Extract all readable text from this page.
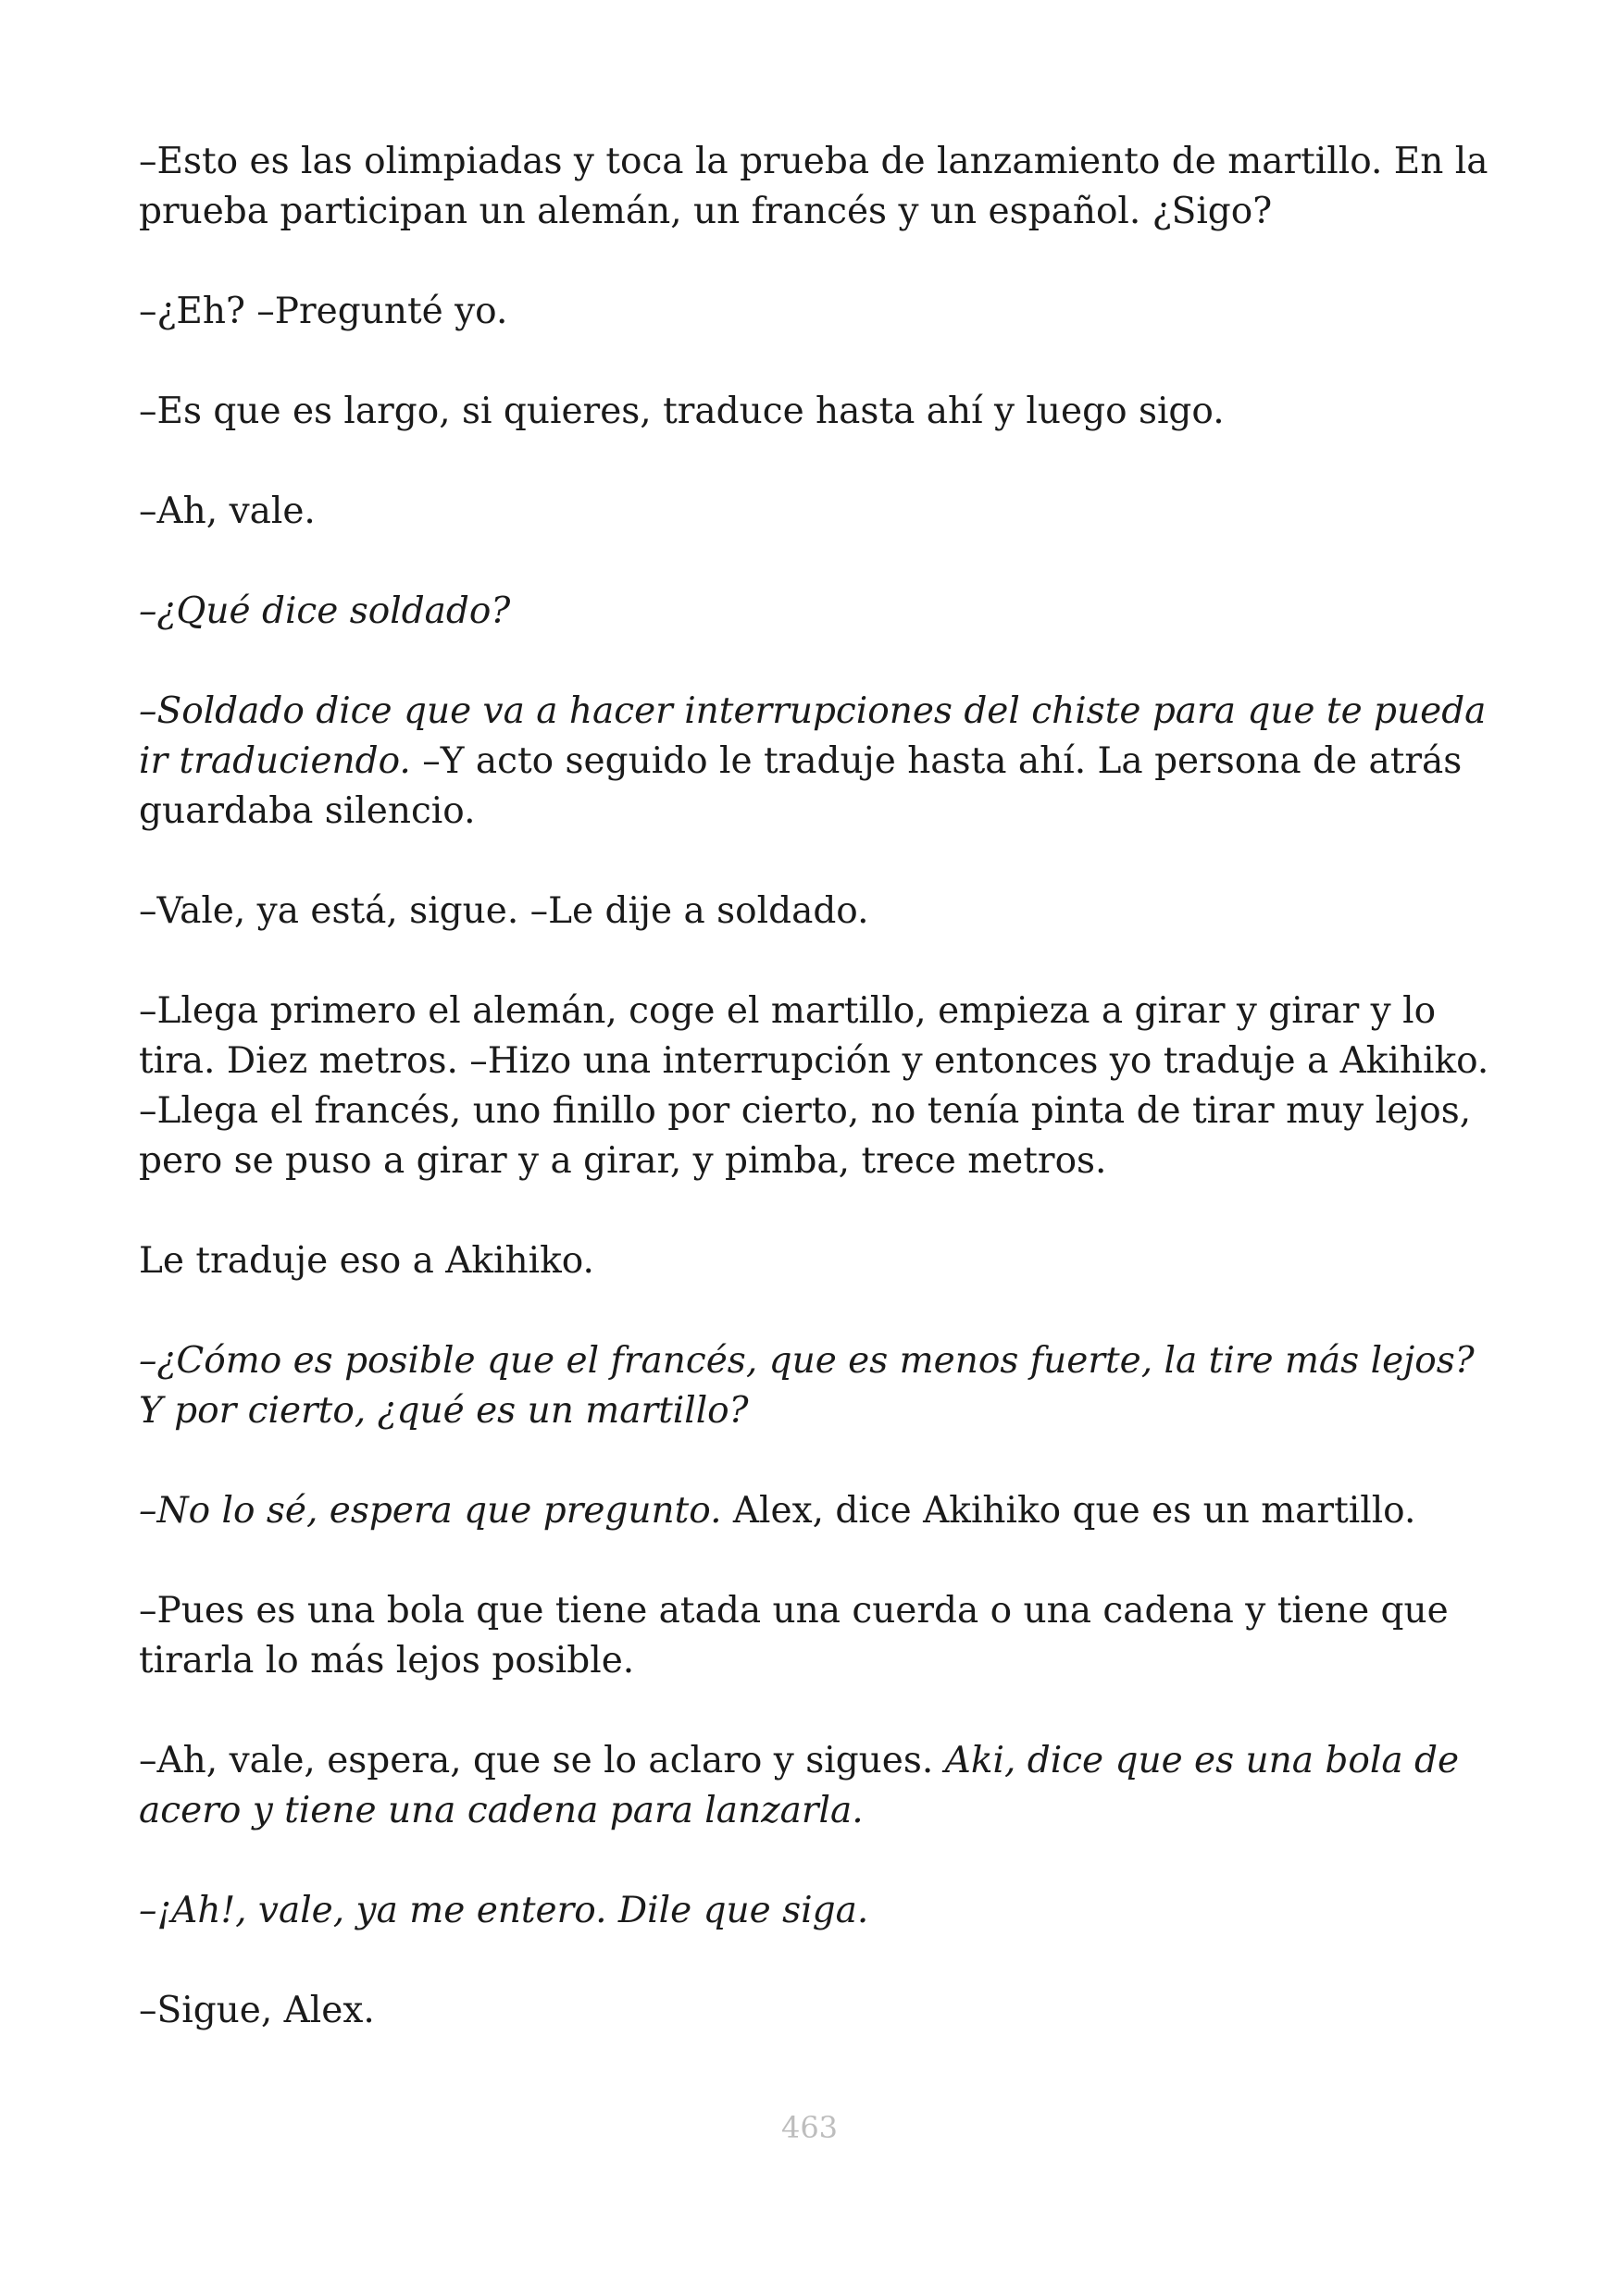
–Esto es las olimpiadas y toca la prueba de lanzamiento de martillo. En la prueba participan un alemán, un francés y un español. ¿Sigo?

–¿Eh? –Pregunté yo.

–Es que es largo, si quieres, traduce hasta ahí y luego sigo.

–Ah, vale.

–¿Qué dice soldado?

–Soldado dice que va a hacer interrupciones del chiste para que te pueda ir traduciendo. –Y acto seguido le traduje hasta ahí. La persona de atrás guardaba silencio.

–Vale, ya está, sigue. –Le dije a soldado.

–Llega primero el alemán, coge el martillo, empieza a girar y girar y lo tira. Diez metros. –Hizo una interrupción y entonces yo traduje a Akihiko. –Llega el francés, uno finillo por cierto, no tenía pinta de tirar muy lejos, pero se puso a girar y a girar, y pimba, trece metros.

Le traduje eso a Akihiko.

–¿Cómo es posible que el francés, que es menos fuerte, la tire más lejos? Y por cierto, ¿qué es un martillo?

–No lo sé, espera que pregunto. Alex, dice Akihiko que es un martillo.

–Pues es una bola que tiene atada una cuerda o una cadena y tiene que tirarla lo más lejos posible.

–Ah, vale, espera, que se lo aclaro y sigues. Aki, dice que es una bola de acero y tiene una cadena para lanzarla.

–¡Ah!, vale, ya me entero. Dile que siga.

–Sigue, Alex.

463
